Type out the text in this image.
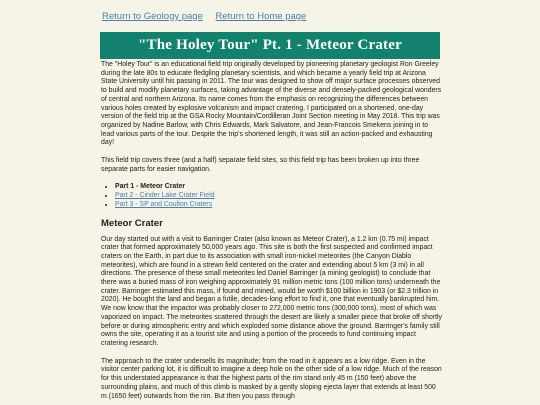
Return to Geology page Return to Home page
"The Holey Tour" Pt. 1 - Meteor Crater

The "Holey Tour" is an educational field trip originally developed by pioneering planetary geologist Ron Greeley during the late 80s to educate fledgling planetary scientists, and which became a yearly field trip at Arizona State University until his passing in 2011. The tour was designed to show off major surface processes observed to build and modify planetary surfaces, taking advantage of the diverse and densely-packed geological wonders of central and northern Arizona. Its name comes from the emphasis on recognizing the differences between various holes created by explosive volcanism and impact cratering. I participated on a shortened, one-day version of the field trip at the GSA Rocky Mountain/Cordilleran Joint Section meeting in May 2018. This trip was organized by Nadine Barlow, with Chris Edwards, Mark Salvatore, and Jean-Francois Smekens joining in to lead various parts of the tour. Despite the trip's shortened length, it was still an action-packed and exhausting day!

This field trip covers three (and a half) separate field sites, so this field trip has been broken up into three separate parts for easier navigation.

• Part 1 - Meteor Crater
• Part 2 - Cinder Lake Crater Field
• Part 3 - SP and Coulton Craters
Meteor Crater

Our day started out with a visit to Barringer Crater (also known as Meteor Crater), a 1.2 km (0.75 mi) impact crater that formed approximately 50,000 years ago. This site is both the first suspected and confirmed impact craters on the Earth, in part due to its association with small iron-nickel meteorites (the Canyon Diablo meteorites), which are found in a strewn field centered on the crater and extending about 5 km (3 mi) in all directions. The presence of these small meteorites led Daniel Barringer (a mining geologist) to conclude that there was a buried mass of iron weighing approximately 91 million metric tons (100 million tons) underneath the crater. Barringer estimated this mass, if found and mined, would be worth $100 billion in 1903 (or $2.3 trillion in 2020). He bought the land and began a futile, decades-long effort to find it, one that eventually bankrupted him. We now know that the impactor was probably closer to 272,000 metric tons (300,000 tons), most of which was vaporized on impact. The meteorites scattered through the desert are likely a smaller piece that broke off shortly before or during atmospheric entry and which exploded some distance above the ground. Barringer's family still owns the site, operating it as a tourist site and using a portion of the proceeds to fund continuing impact cratering research.

The approach to the crater undersells its magnitude; from the road in it appears as a low ridge. Even in the visitor center parking lot, it is difficult to imagine a deep hole on the other side of a low ridge. Much of the reason for this understated appearance is that the highest parts of the rim stand only 45 m (150 feet) above the surrounding plains, and much of this climb is masked by a gently sloping ejecta layer that extends at least 500 m (1650 feet) outwards from the rim. But then you pass through
